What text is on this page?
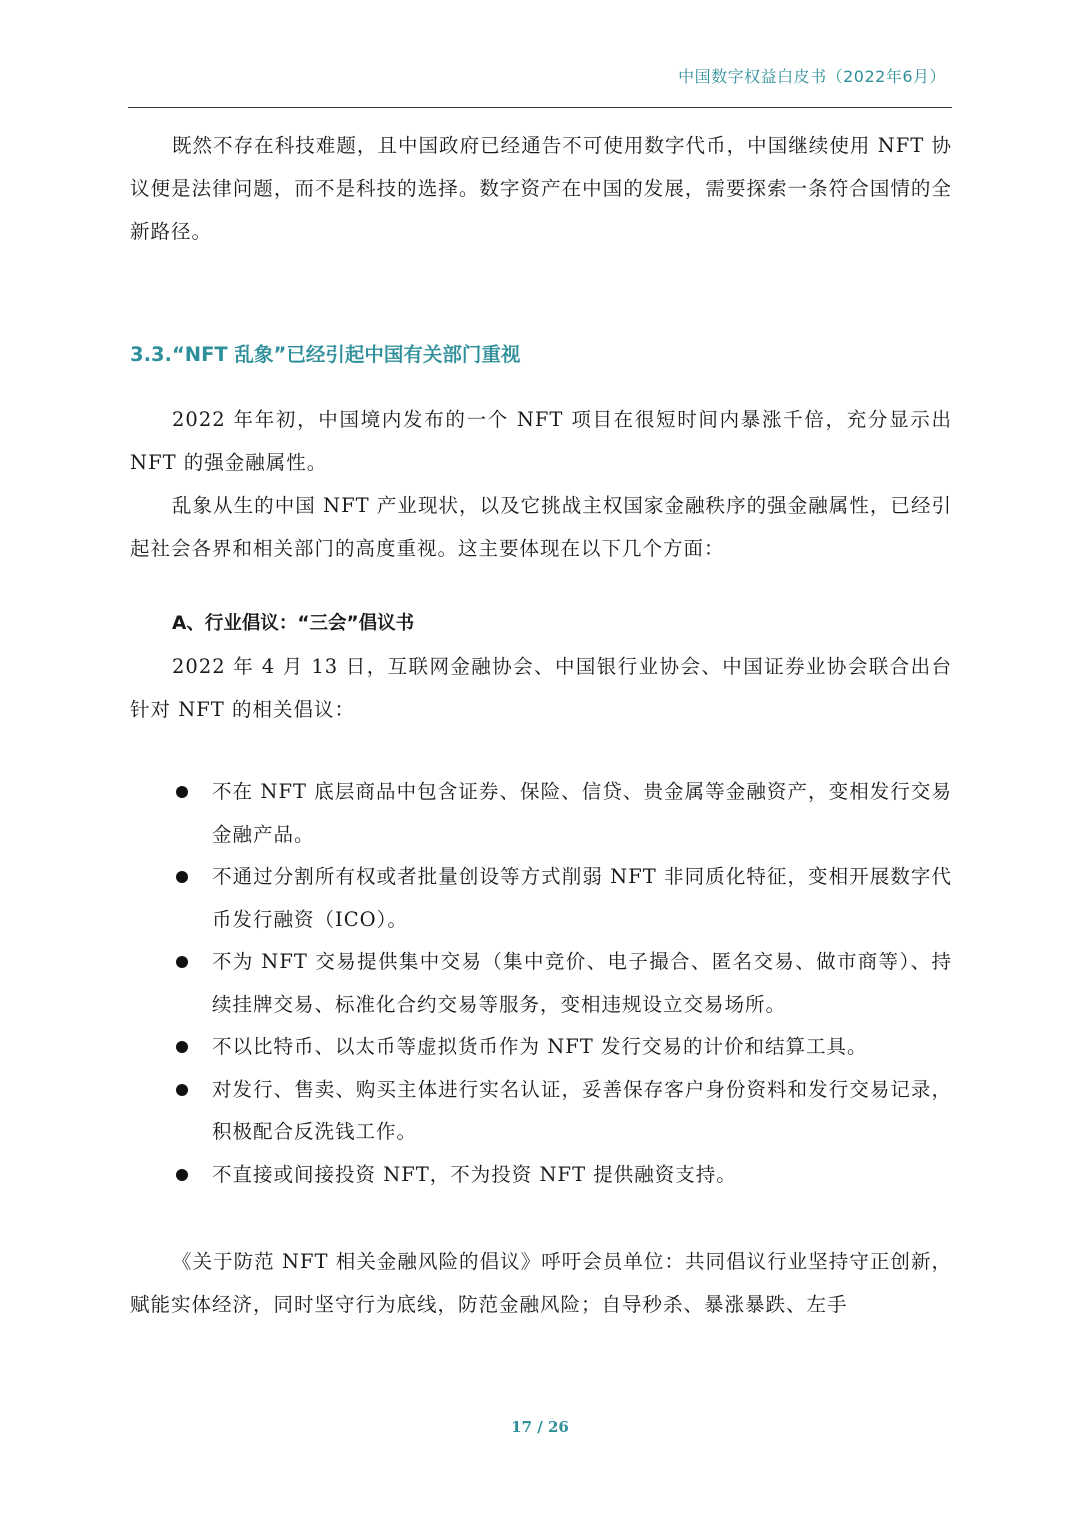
中国数字权益白皮书（2022年6月）

既然不存在科技难题，且中国政府已经通告不可使用数字代币，中国继续使用 NFT 协议便是法律问题，而不是科技的选择。数字资产在中国的发展，需要探索一条符合国情的全新路径。

3.3.“NFT 乱象”已经引起中国有关部门重视

2022 年年初，中国境内发布的一个 NFT 项目在很短时间内暴涨千倍，充分显示出 NFT 的强金融属性。

乱象从生的中国 NFT 产业现状，以及它挑战主权国家金融秩序的强金融属性，已经引起社会各界和相关部门的高度重视。这主要体现在以下几个方面：

A、行业倡议：“三会”倡议书

2022 年 4 月 13 日，互联网金融协会、中国银行业协会、中国证券业协会联合出台针对 NFT 的相关倡议：

不在 NFT 底层商品中包含证券、保险、信贷、贵金属等金融资产，变相发行交易金融产品。
不通过分割所有权或者批量创设等方式削弱 NFT 非同质化特征，变相开展数字代币发行融资（ICO）。
不为 NFT 交易提供集中交易（集中竞价、电子撮合、匿名交易、做市商等）、持续挂牌交易、标准化合约交易等服务，变相违规设立交易场所。
不以比特币、以太币等虚拟货币作为 NFT 发行交易的计价和结算工具。
对发行、售卖、购买主体进行实名认证，妥善保存客户身份资料和发行交易记录，积极配合反洗钱工作。
不直接或间接投资 NFT，不为投资 NFT 提供融资支持。

《关于防范 NFT 相关金融风险的倡议》呼吁会员单位：共同倡议行业坚持守正创新，赋能实体经济，同时坚守行为底线，防范金融风险；自导秒杀、暴涨暴跌、左手

17 / 26
